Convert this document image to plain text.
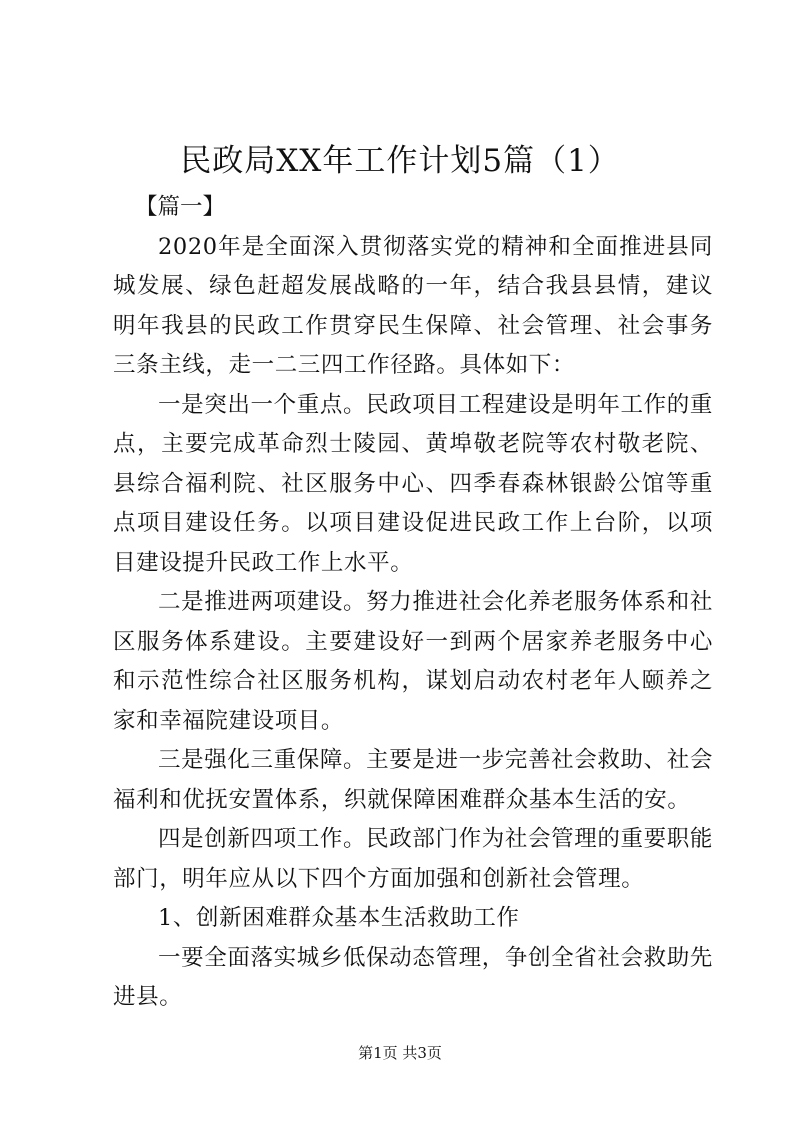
民政局XX年工作计划5篇（1）

【篇一】

2020年是全面深入贯彻落实党的精神和全面推进县同城发展、绿色赶超发展战略的一年，结合我县县情，建议明年我县的民政工作贯穿民生保障、社会管理、社会事务三条主线，走一二三四工作径路。具体如下：

一是突出一个重点。民政项目工程建设是明年工作的重点，主要完成革命烈士陵园、黄埠敬老院等农村敬老院、县综合福利院、社区服务中心、四季春森林银龄公馆等重点项目建设任务。以项目建设促进民政工作上台阶，以项目建设提升民政工作上水平。

二是推进两项建设。努力推进社会化养老服务体系和社区服务体系建设。主要建设好一到两个居家养老服务中心和示范性综合社区服务机构，谋划启动农村老年人颐养之家和幸福院建设项目。

三是强化三重保障。主要是进一步完善社会救助、社会福利和优抚安置体系，织就保障困难群众基本生活的安。

四是创新四项工作。民政部门作为社会管理的重要职能部门，明年应从以下四个方面加强和创新社会管理。

1、创新困难群众基本生活救助工作

一要全面落实城乡低保动态管理，争创全省社会救助先进县。

第1页 共3页
